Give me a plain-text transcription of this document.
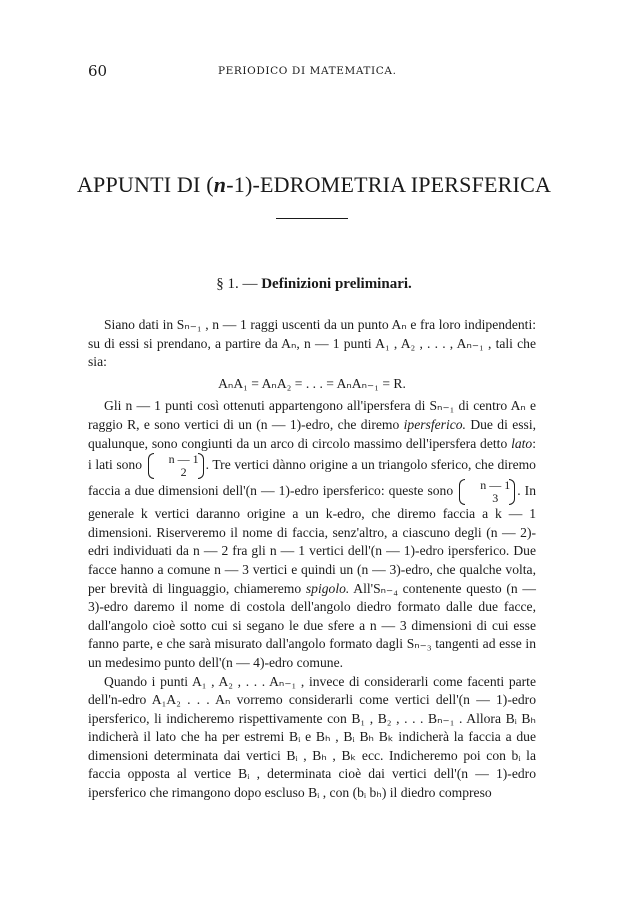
60	PERIODICO DI MATEMATICA.
APPUNTI DI (n-1)-EDROMETRIA IPERSFERICA
§ 1. — Definizioni preliminari.

Siano dati in Sₙ₋₁ , n — 1 raggi uscenti da un punto Aₙ e fra loro indipendenti: su di essi si prendano, a partire da Aₙ, n — 1 punti A₁ , A₂ , . . . , Aₙ₋₁ , tali che sia:

AₙA₁ = AₙA₂ = . . . = AₙAₙ₋₁ = R.

Gli n — 1 punti così ottenuti appartengono all'ipersfera di Sₙ₋₁ di centro Aₙ e raggio R, e sono vertici di un (n — 1)-edro, che diremo ipersferico. Due di essi, qualunque, sono congiunti da un arco di circolo massimo dell'ipersfera detto lato: i lati sono	n — 1
2	. Tre vertici dànno origine a un triangolo sferico, che diremo faccia a due dimensioni dell'(n — 1)-edro ipersferico: queste sono	n — 1
3	. In generale k vertici daranno origine a un k-edro, che diremo faccia a k — 1 dimensioni. Riserveremo il nome di faccia, senz'altro, a ciascuno degli (n — 2)-edri individuati da n — 2 fra gli n — 1 vertici dell'(n — 1)-edro ipersferico. Due facce hanno a comune n — 3 vertici e quindi un (n — 3)-edro, che qualche volta, per brevità di linguaggio, chiameremo spigolo. All'Sₙ₋₄ contenente questo (n — 3)-edro daremo il nome di costola dell'angolo diedro formato dalle due facce, dall'angolo cioè sotto cui si segano le due sfere a n — 3 dimensioni di cui esse fanno parte, e che sarà misurato dall'angolo formato dagli Sₙ₋₃ tangenti ad esse in un medesimo punto dell'(n — 4)-edro comune.

Quando i punti A₁ , A₂ , . . . Aₙ₋₁ , invece di considerarli come facenti parte dell'n-edro A₁A₂ . . . Aₙ vorremo considerarli come vertici dell'(n — 1)-edro ipersferico, li indicheremo rispettivamente con B₁ , B₂ , . . . Bₙ₋₁ . Allora Bᵢ Bₕ indicherà il lato che ha per estremi Bᵢ e Bₕ , Bᵢ Bₕ Bₖ indicherà la faccia a due dimensioni determinata dai vertici Bᵢ , Bₕ , Bₖ ecc. Indicheremo poi con bᵢ la faccia opposta al vertice Bᵢ , determinata cioè dai vertici dell'(n — 1)-edro ipersferico che rimangono dopo escluso Bᵢ , con (bᵢ bₕ) il diedro compreso
